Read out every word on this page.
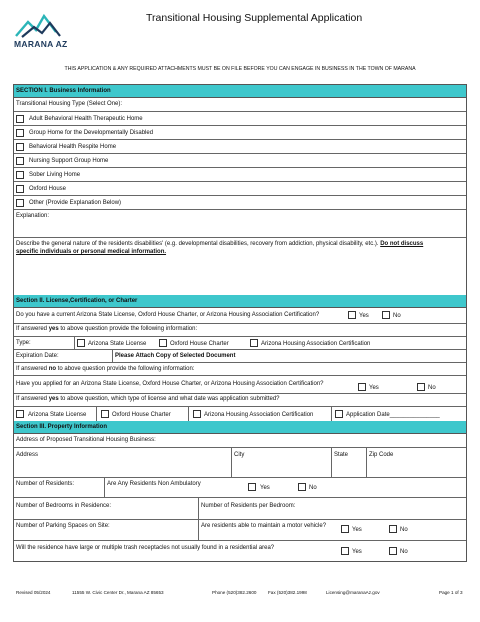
MARANA AZ
Transitional Housing Supplemental Application
THIS APPLICATION & ANY REQUIRED ATTACHMENTS MUST BE ON FILE BEFORE YOU CAN ENGAGE IN BUSINESS IN THE TOWN OF MARANA
SECTION I. Business Information
Transitional Housing Type (Select One):
Adult Behavioral Health Therapeutic Home
Group Home for the Developmentally Disabled
Behavioral Health Respite Home
Nursing Support Group Home
Sober Living Home
Oxford House
Other (Provide Explanation Below)
Explanation:
Describe the general nature of the residents disabilities' (e.g. developmental disabilities, recovery from addiction, physical disability, etc.). Do not discuss
specific individuals or personal medical information.
Section II. License,Certification, or Charter
Do you have a current Arizona State License, Oxford House Charter, or Arizona Housing Association Certification?	Yes	No
If answered yes to above question provide the following information:
Type:	Arizona State License	Oxford House Charter	Arizona Housing Association Certification
Expiration Date:	Please Attach Copy of Selected Document
If answered no to above question provide the following information:
Have you applied for an Arizona State License, Oxford House Charter, or Arizona Housing Association Certification?
Yes	No
If answered yes to above question, which type of license and what date was application submitted?
Arizona State License	Oxford House Charter	Arizona Housing Association Certification	Application Date_______________
Section III. Property Information
Address of Proposed Transitional Housing Business:
Address	City	State	Zip Code
Number of Residents:	Are Any Residents Non Ambulatory
Yes	No
Number of Bedrooms in Residence:	Number of Residents per Bedroom:
Number of Parking Spaces on Site:	Are residents able to maintain a motor vehicle?
Yes	No
Will the residence have large or multiple trash receptacles not usually found in a residential area?
Yes	No
Revised 05/2024	11555 W. Civic Center Dr., Marana AZ 85653	Phone (520)382.2600	Fax (520)382.1998	Licensing@maranaAz.gov	Page 1 of 3
